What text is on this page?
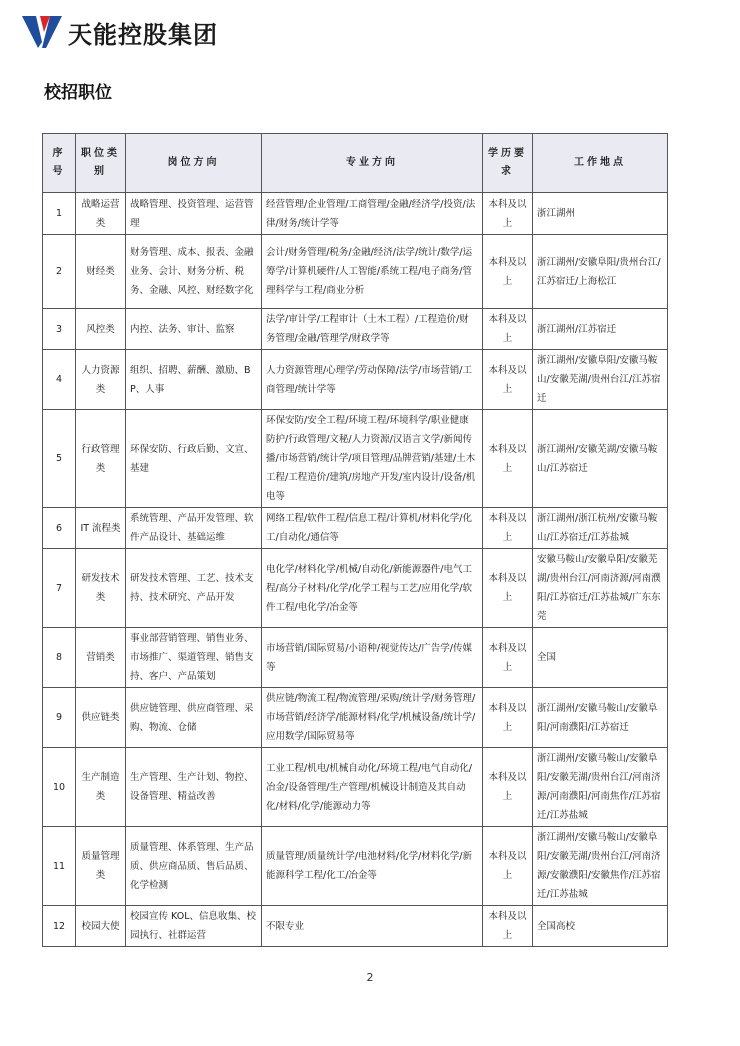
天能控股集团
校招职位
序号	职位类别	岗位方向	专业方向	学历要求	工作地点
1	战略运营类	战略管理、投资管理、运营管理	经营管理/企业管理/工商管理/金融/经济学/投资/法律/财务/统计学等	本科及以上	浙江湖州
2	财经类	财务管理、成本、报表、金融业务、会计、财务分析、税务、金融、风控、财经数字化	会计/财务管理/税务/金融/经济/法学/统计/数学/运筹学/计算机硬件/人工智能/系统工程/电子商务/管理科学与工程/商业分析	本科及以上	浙江湖州/安徽阜阳/贵州台江/江苏宿迁/上海松江
3	风控类	内控、法务、审计、监察	法学/审计学/工程审计（土木工程）/工程造价/财务管理/金融/管理学/财政学等	本科及以上	浙江湖州/江苏宿迁
4	人力资源类	组织、招聘、薪酬、激励、BP、人事	人力资源管理/心理学/劳动保障/法学/市场营销/工商管理/统计学等	本科及以上	浙江湖州/安徽阜阳/安徽马鞍山/安徽芜湖/贵州台江/江苏宿迁
5	行政管理类	环保安防、行政后勤、文宣、基建	环保安防/安全工程/环境工程/环境科学/职业健康防护/行政管理/文秘/人力资源/汉语言文学/新闻传播/市场营销/统计学/项目管理/品牌营销/基建/土木工程/工程造价/建筑/房地产开发/室内设计/设备/机电等	本科及以上	浙江湖州/安徽芜湖/安徽马鞍山/江苏宿迁
6	IT 流程类	系统管理、产品开发管理、软件产品设计、基础运维	网络工程/软件工程/信息工程/计算机/材料化学/化工/自动化/通信等	本科及以上	浙江湖州/浙江杭州/安徽马鞍山/江苏宿迁/江苏盐城
7	研发技术类	研发技术管理、工艺、技术支持、技术研究、产品开发	电化学/材料化学/机械/自动化/新能源器件/电气工程/高分子材料/化学/化学工程与工艺/应用化学/软件工程/电化学/冶金等	本科及以上	安徽马鞍山/安徽阜阳/安徽芜湖/贵州台江/河南济源/河南濮阳/江苏宿迁/江苏盐城/广东东莞
8	营销类	事业部营销管理、销售业务、市场推广、渠道管理、销售支持、客户、产品策划	市场营销/国际贸易/小语种/视觉传达/广告学/传媒等	本科及以上	全国
9	供应链类	供应链管理、供应商管理、采购、物流、仓储	供应链/物流工程/物流管理/采购/统计学/财务管理/市场营销/经济学/能源材料/化学/机械设备/统计学/应用数学/国际贸易等	本科及以上	浙江湖州/安徽马鞍山/安徽阜阳/河南濮阳/江苏宿迁
10	生产制造类	生产管理、生产计划、物控、设备管理、精益改善	工业工程/机电/机械自动化/环境工程/电气自动化/冶金/设备管理/生产管理/机械设计制造及其自动化/材料/化学/能源动力等	本科及以上	浙江湖州/安徽马鞍山/安徽阜阳/安徽芜湖/贵州台江/河南济源/河南濮阳/河南焦作/江苏宿迁/江苏盐城
11	质量管理类	质量管理、体系管理、生产品质、供应商品质、售后品质、化学检测	质量管理/质量统计学/电池材料/化学/材料化学/新能源科学工程/化工/冶金等	本科及以上	浙江湖州/安徽马鞍山/安徽阜阳/安徽芜湖/贵州台江/河南济源/安徽濮阳/安徽焦作/江苏宿迁/江苏盐城
12	校园大使	校园宣传 KOL、信息收集、校园执行、社群运营	不限专业	本科及以上	全国高校
2
